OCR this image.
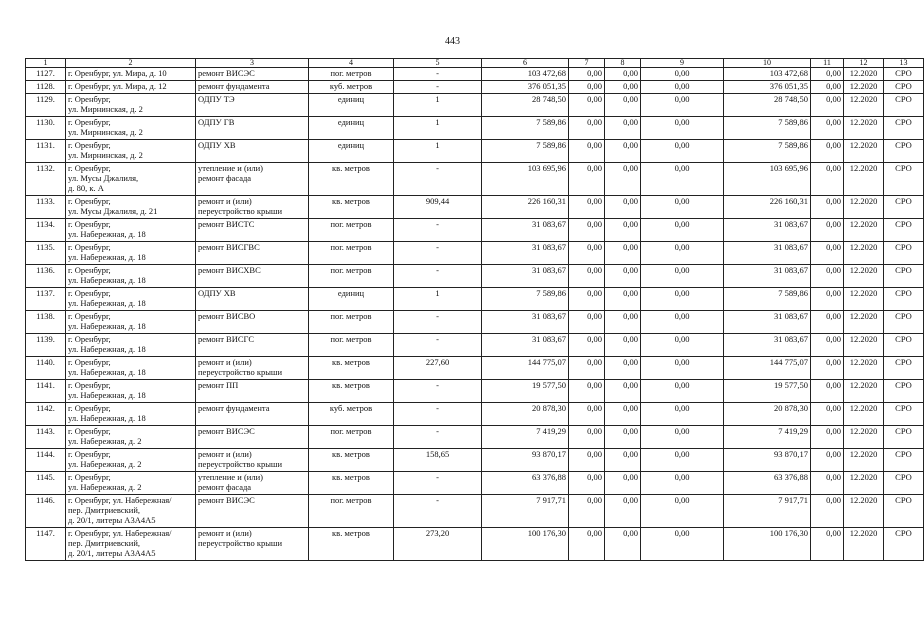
443
1	2	3	4	5	6	7	8	9	10	11	12	13
1127.	г. Оренбург, ул. Мира, д. 10	ремонт ВИСЭС	пог. метров	-	103 472,68	0,00	0,00	0,00	103 472,68	0,00	12.2020	СРО
1128.	г. Оренбург, ул. Мира, д. 12	ремонт фундамента	куб. метров	-	376 051,35	0,00	0,00	0,00	376 051,35	0,00	12.2020	СРО
1129.	г. Оренбург,
ул. Мирнинская, д. 2	ОДПУ ТЭ	единиц	1	28 748,50	0,00	0,00	0,00	28 748,50	0,00	12.2020	СРО
1130.	г. Оренбург,
ул. Мирнинская, д. 2	ОДПУ ГВ	единиц	1	7 589,86	0,00	0,00	0,00	7 589,86	0,00	12.2020	СРО
1131.	г. Оренбург,
ул. Мирнинская, д. 2	ОДПУ ХВ	единиц	1	7 589,86	0,00	0,00	0,00	7 589,86	0,00	12.2020	СРО
1132.	г. Оренбург,
ул. Мусы Джалиля,
д. 80, к. А	утепление и (или)
ремонт фасада	кв. метров	-	103 695,96	0,00	0,00	0,00	103 695,96	0,00	12.2020	СРО
1133.	г. Оренбург,
ул. Мусы Джалиля, д. 21	ремонт и (или)
переустройство крыши	кв. метров	909,44	226 160,31	0,00	0,00	0,00	226 160,31	0,00	12.2020	СРО
1134.	г. Оренбург,
ул. Набережная, д. 18	ремонт ВИСТС	пог. метров	-	31 083,67	0,00	0,00	0,00	31 083,67	0,00	12.2020	СРО
1135.	г. Оренбург,
ул. Набережная, д. 18	ремонт ВИСГВС	пог. метров	-	31 083,67	0,00	0,00	0,00	31 083,67	0,00	12.2020	СРО
1136.	г. Оренбург,
ул. Набережная, д. 18	ремонт ВИСХВС	пог. метров	-	31 083,67	0,00	0,00	0,00	31 083,67	0,00	12.2020	СРО
1137.	г. Оренбург,
ул. Набережная, д. 18	ОДПУ ХВ	единиц	1	7 589,86	0,00	0,00	0,00	7 589,86	0,00	12.2020	СРО
1138.	г. Оренбург,
ул. Набережная, д. 18	ремонт ВИСВО	пог. метров	-	31 083,67	0,00	0,00	0,00	31 083,67	0,00	12.2020	СРО
1139.	г. Оренбург,
ул. Набережная, д. 18	ремонт ВИСГС	пог. метров	-	31 083,67	0,00	0,00	0,00	31 083,67	0,00	12.2020	СРО
1140.	г. Оренбург,
ул. Набережная, д. 18	ремонт и (или)
переустройство крыши	кв. метров	227,60	144 775,07	0,00	0,00	0,00	144 775,07	0,00	12.2020	СРО
1141.	г. Оренбург,
ул. Набережная, д. 18	ремонт ПП	кв. метров	-	19 577,50	0,00	0,00	0,00	19 577,50	0,00	12.2020	СРО
1142.	г. Оренбург,
ул. Набережная, д. 18	ремонт фундамента	куб. метров	-	20 878,30	0,00	0,00	0,00	20 878,30	0,00	12.2020	СРО
1143.	г. Оренбург,
ул. Набережная, д. 2	ремонт ВИСЭС	пог. метров	-	7 419,29	0,00	0,00	0,00	7 419,29	0,00	12.2020	СРО
1144.	г. Оренбург,
ул. Набережная, д. 2	ремонт и (или)
переустройство крыши	кв. метров	158,65	93 870,17	0,00	0,00	0,00	93 870,17	0,00	12.2020	СРО
1145.	г. Оренбург,
ул. Набережная, д. 2	утепление и (или)
ремонт фасада	кв. метров	-	63 376,88	0,00	0,00	0,00	63 376,88	0,00	12.2020	СРО
1146.	г. Оренбург, ул. Набережная/
пер. Дмитриевский,
д. 20/1, литеры А3А4А5	ремонт ВИСЭС	пог. метров	-	7 917,71	0,00	0,00	0,00	7 917,71	0,00	12.2020	СРО
1147.	г. Оренбург, ул. Набережная/
пер. Дмитриевский,
д. 20/1, литеры А3А4А5	ремонт и (или)
переустройство крыши	кв. метров	273,20	100 176,30	0,00	0,00	0,00	100 176,30	0,00	12.2020	СРО
